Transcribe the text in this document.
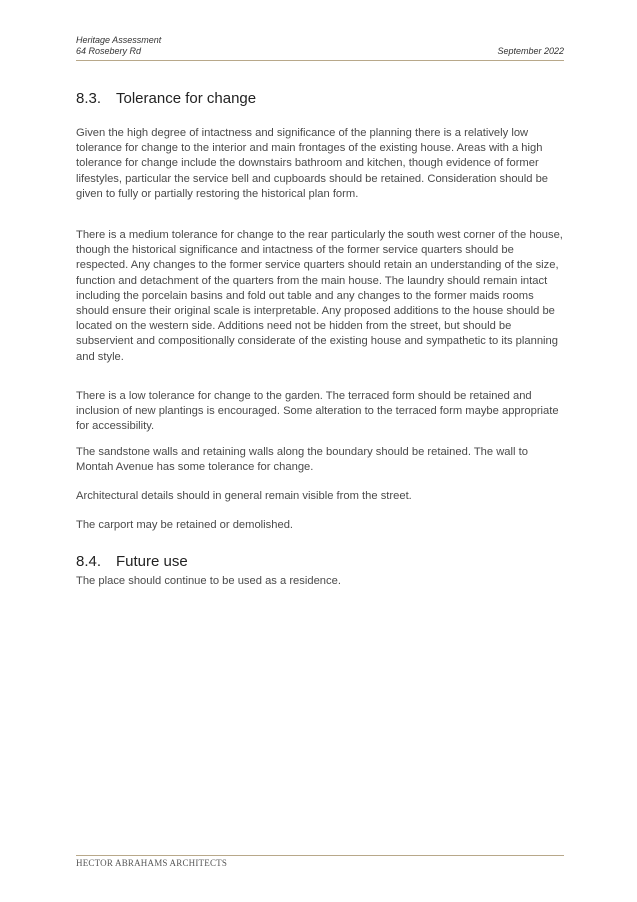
Heritage Assessment
64 Rosebery Rd	September 2022
8.3. Tolerance for change
Given the high degree of intactness and significance of the planning there is a relatively low tolerance for change to the interior and main frontages of the existing house. Areas with a high tolerance for change include the downstairs bathroom and kitchen, though evidence of former lifestyles, particular the service bell and cupboards should be retained. Consideration should be given to fully or partially restoring the historical plan form.
There is a medium tolerance for change to the rear particularly the south west corner of the house, though the historical significance and intactness of the former service quarters should be respected. Any changes to the former service quarters should retain an understanding of the size, function and detachment of the quarters from the main house. The laundry should remain intact including the porcelain basins and fold out table and any changes to the former maids rooms should ensure their original scale is interpretable. Any proposed additions to the house should be located on the western side. Additions need not be hidden from the street, but should be subservient and compositionally considerate of the existing house and sympathetic to its planning and style.
There is a low tolerance for change to the garden. The terraced form should be retained and inclusion of new plantings is encouraged. Some alteration to the terraced form maybe appropriate for accessibility.
The sandstone walls and retaining walls along the boundary should be retained. The wall to Montah Avenue has some tolerance for change.
Architectural details should in general remain visible from the street.
The carport may be retained or demolished.
8.4. Future use
The place should continue to be used as a residence.
HECTOR ABRAHAMS ARCHITECTS
